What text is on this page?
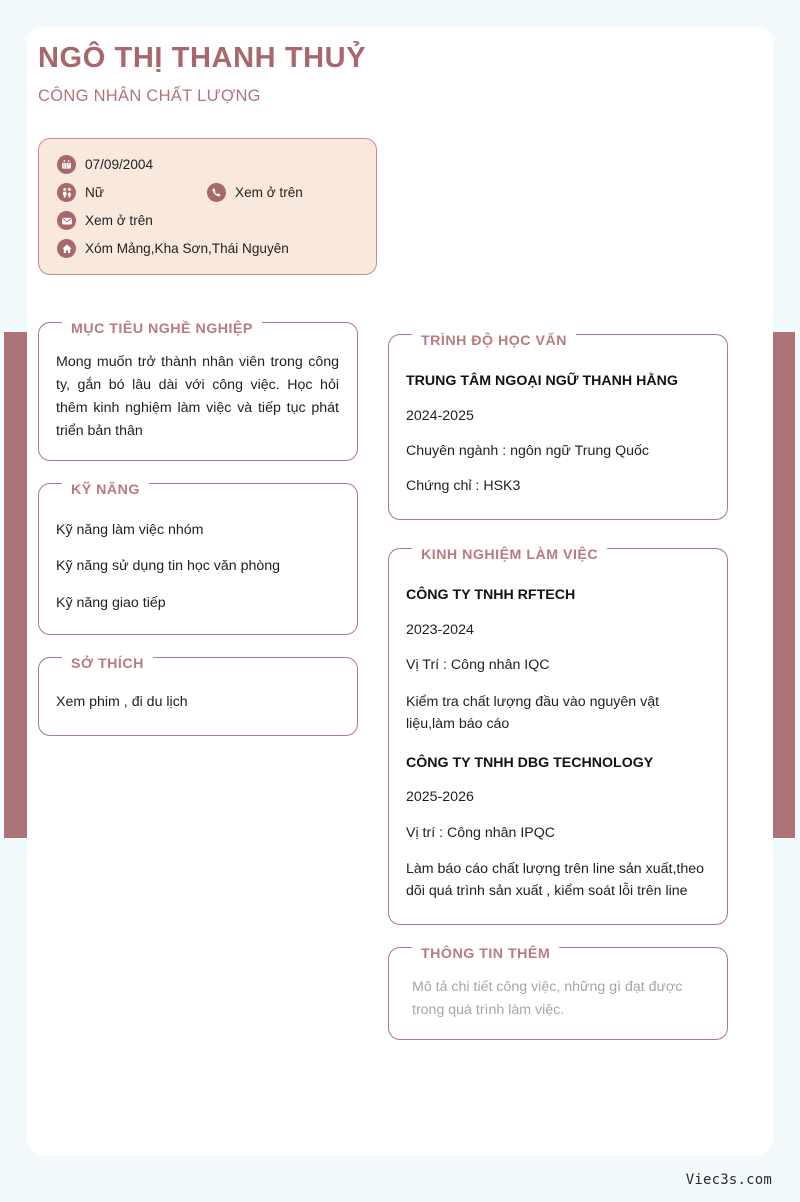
NGÔ THỊ THANH THUỶ
CÔNG NHÂN CHẤT LƯỢNG
07/09/2004
Nữ	Xem ở trên
Xem ở trên
Xóm Mảng,Kha Sơn,Thái Nguyên
MỤC TIÊU NGHỀ NGHIỆP

Mong muốn trở thành nhân viên trong công ty, gắn bó lâu dài với công việc. Học hỏi thêm kinh nghiệm làm việc và tiếp tục phát triển bản thân

KỸ NĂNG

Kỹ năng làm việc nhóm

Kỹ năng sử dụng tin học văn phòng

Kỹ năng giao tiếp

SỞ THÍCH

Xem phim , đi du lịch

TRÌNH ĐỘ HỌC VẤN

TRUNG TÂM NGOẠI NGỮ THANH HẰNG

2024-2025

Chuyên ngành : ngôn ngữ Trung Quốc

Chứng chỉ : HSK3

KINH NGHIỆM LÀM VIỆC

CÔNG TY TNHH RFTECH

2023-2024

Vị Trí : Công nhân IQC

Kiểm tra chất lượng đầu vào nguyên vật liệu,làm báo cáo

CÔNG TY TNHH DBG TECHNOLOGY

2025-2026

Vị trí : Công nhân IPQC

Làm báo cáo chất lượng trên line sản xuất,theo dõi quá trình sản xuất , kiểm soát lỗi trên line

THÔNG TIN THÊM

Mô tả chi tiết công việc, những gì đạt được trong quá trình làm việc.

Viec3s.com
